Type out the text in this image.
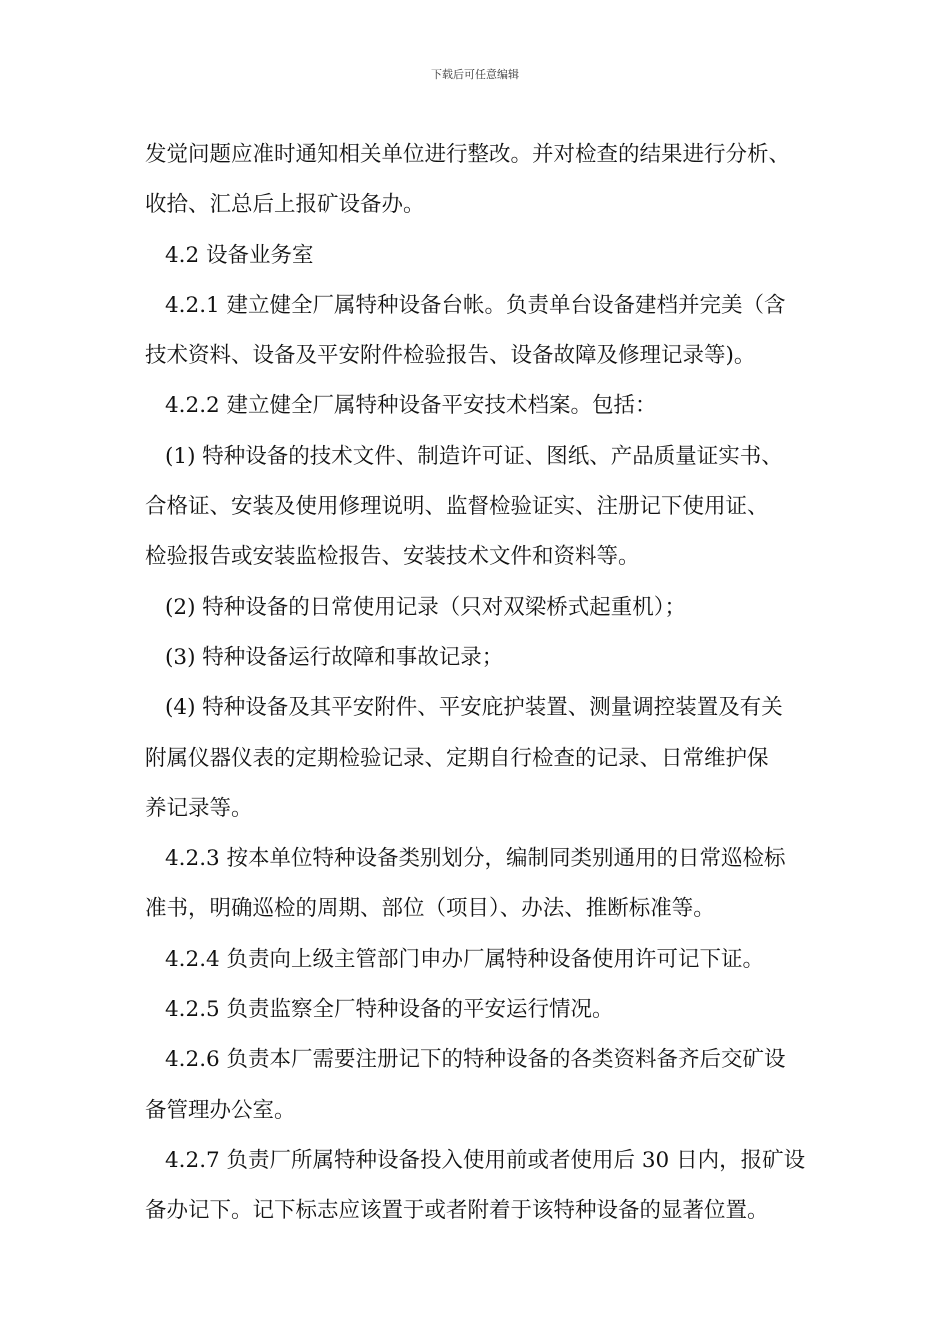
下载后可任意编辑
发觉问题应准时通知相关单位进行整改。并对检查的结果进行分析、
收拾、汇总后上报矿设备办。
4.2 设备业务室
4.2.1 建立健全厂属特种设备台帐。负责单台设备建档并完美（含
技术资料、设备及平安附件检验报告、设备故障及修理记录等)。
4.2.2 建立健全厂属特种设备平安技术档案。包括：
(1) 特种设备的技术文件、制造许可证、图纸、产品质量证实书、
合格证、安装及使用修理说明、监督检验证实、注册记下使用证、
检验报告或安装监检报告、安装技术文件和资料等。
(2) 特种设备的日常使用记录（只对双梁桥式起重机）；
(3) 特种设备运行故障和事故记录；
(4) 特种设备及其平安附件、平安庇护装置、测量调控装置及有关
附属仪器仪表的定期检验记录、定期自行检查的记录、日常维护保
养记录等。
4.2.3 按本单位特种设备类别划分，编制同类别通用的日常巡检标
准书，明确巡检的周期、部位（项目）、办法、推断标准等。
4.2.4 负责向上级主管部门申办厂属特种设备使用许可记下证。
4.2.5 负责监察全厂特种设备的平安运行情况。
4.2.6 负责本厂需要注册记下的特种设备的各类资料备齐后交矿设
备管理办公室。
4.2.7 负责厂所属特种设备投入使用前或者使用后 30 日内，报矿设
备办记下。记下标志应该置于或者附着于该特种设备的显著位置。
